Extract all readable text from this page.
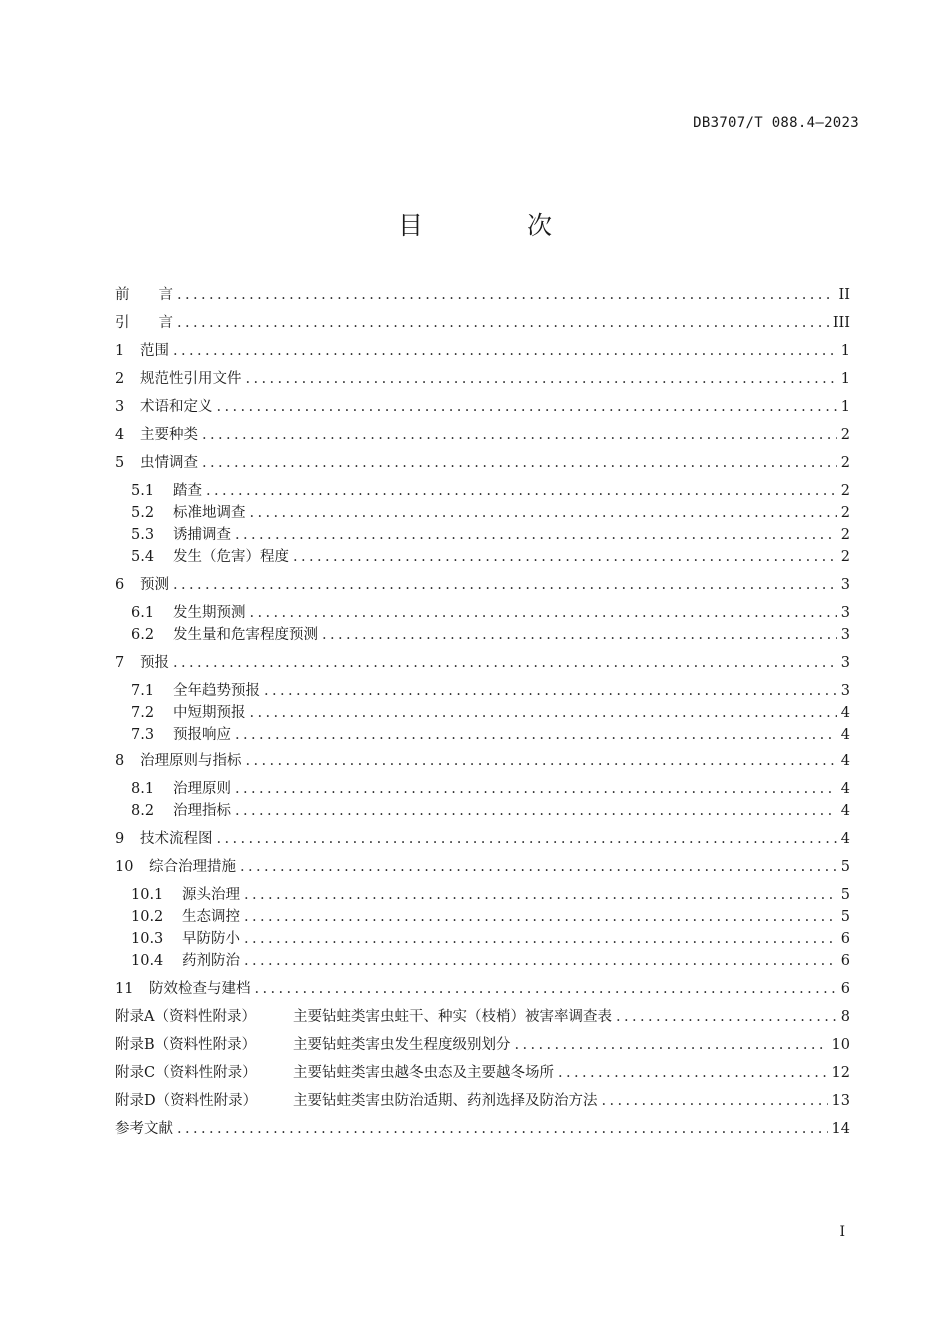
DB3707/T 088.4—2023
目 次
前　　言 .....	II
引　　言 .....	III
1	范围 .....	1
2	规范性引用文件 .....	1
3	术语和定义 .....	1
4	主要种类 .....	2
5	虫情调查 .....	2
5.1	踏查 .....	2
5.2	标准地调查 .....	2
5.3	诱捕调查 .....	2
5.4	发生（危害）程度 .....	2
6	预测 .....	3
6.1	发生期预测 .....	3
6.2	发生量和危害程度预测 .....	3
7	预报 .....	3
7.1	全年趋势预报 .....	3
7.2	中短期预报 .....	4
7.3	预报响应 .....	4
8	治理原则与指标 .....	4
8.1	治理原则 .....	4
8.2	治理指标 .....	4
9	技术流程图 .....	4
10	综合治理措施 .....	5
10.1	源头治理 .....	5
10.2	生态调控 .....	5
10.3	早防防小 .....	6
10.4	药剂防治 .....	6
11	防效检查与建档 .....	6
附录A（资料性附录）	主要钻蛀类害虫蛀干、种实（枝梢）被害率调查表 .....	8
附录B（资料性附录）	主要钻蛀类害虫发生程度级别划分 .....	10
附录C（资料性附录）	主要钻蛀类害虫越冬虫态及主要越冬场所 .....	12
附录D（资料性附录）	主要钻蛀类害虫防治适期、药剂选择及防治方法 .....	13
参考文献 .....	14
I
